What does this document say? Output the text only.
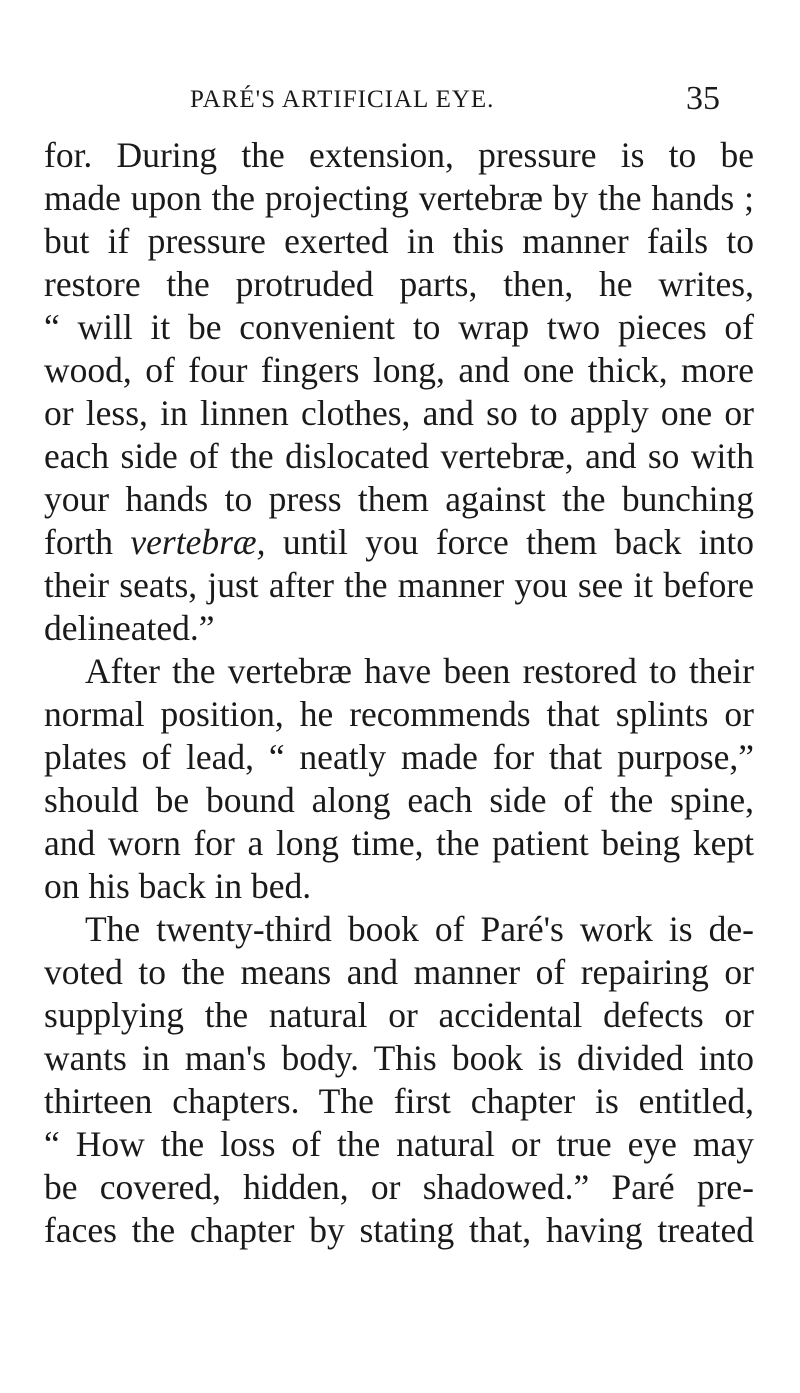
PARÉ'S ARTIFICIAL EYE.	35
for. During the extension, pressure is to be
made upon the projecting vertebræ by the hands ;
but if pressure exerted in this manner fails to
restore the protruded parts, then, he writes,
“ will it be convenient to wrap two pieces of
wood, of four fingers long, and one thick, more
or less, in linnen clothes, and so to apply one or
each side of the dislocated vertebræ, and so with
your hands to press them against the bunching
forth vertebræ, until you force them back into
their seats, just after the manner you see it before
delineated.”
After the vertebræ have been restored to their
normal position, he recommends that splints or
plates of lead, “ neatly made for that purpose,”
should be bound along each side of the spine,
and worn for a long time, the patient being kept
on his back in bed.
The twenty-third book of Paré's work is de-
voted to the means and manner of repairing or
supplying the natural or accidental defects or
wants in man's body. This book is divided into
thirteen chapters. The first chapter is entitled,
“ How the loss of the natural or true eye may
be covered, hidden, or shadowed.” Paré pre-
faces the chapter by stating that, having treated
